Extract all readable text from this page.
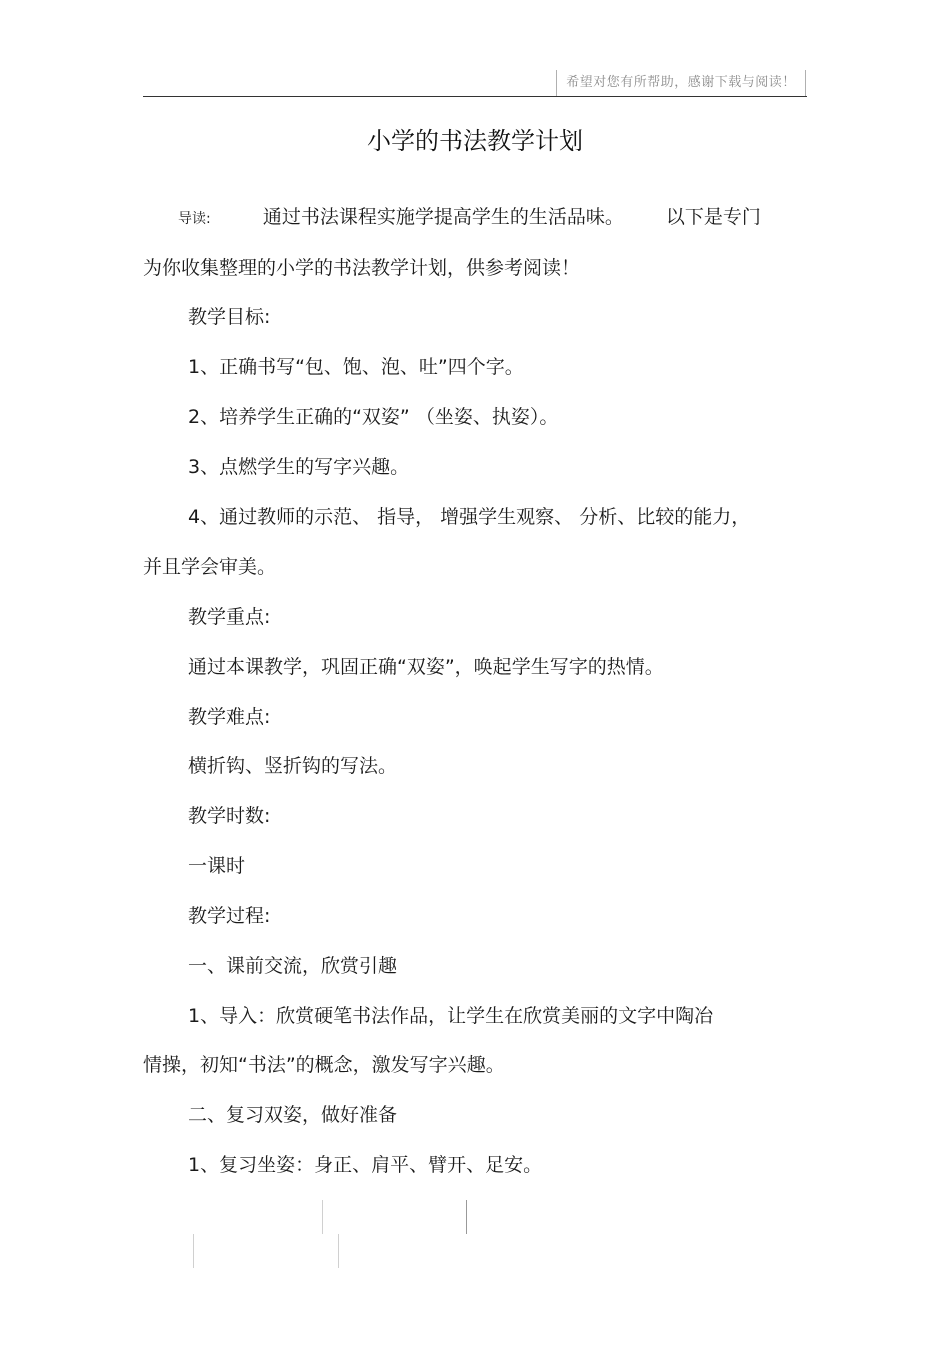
希望对您有所帮助，感谢下载与阅读！
小学的书法教学计划
导读:	通过书法课程实施学提高学生的生活品味。 以下是专门
为你收集整理的小学的书法教学计划，供参考阅读！
教学目标:
1、正确书写“包、饱、泡、吐”四个字。
2、培养学生正确的“双姿” （坐姿、执姿）。
3、点燃学生的写字兴趣。
4、通过教师的示范、 指导， 增强学生观察、 分析、比较的能力，
并且学会审美。
教学重点:
通过本课教学，巩固正确“双姿”，唤起学生写字的热情。
教学难点:
横折钩、竖折钩的写法。
教学时数:
一课时
教学过程:
一、课前交流，欣赏引趣
1、导入：欣赏硬笔书法作品，让学生在欣赏美丽的文字中陶冶
情操，初知“书法”的概念，激发写字兴趣。
二、复习双姿，做好准备
1、复习坐姿：身正、肩平、臂开、足安。
